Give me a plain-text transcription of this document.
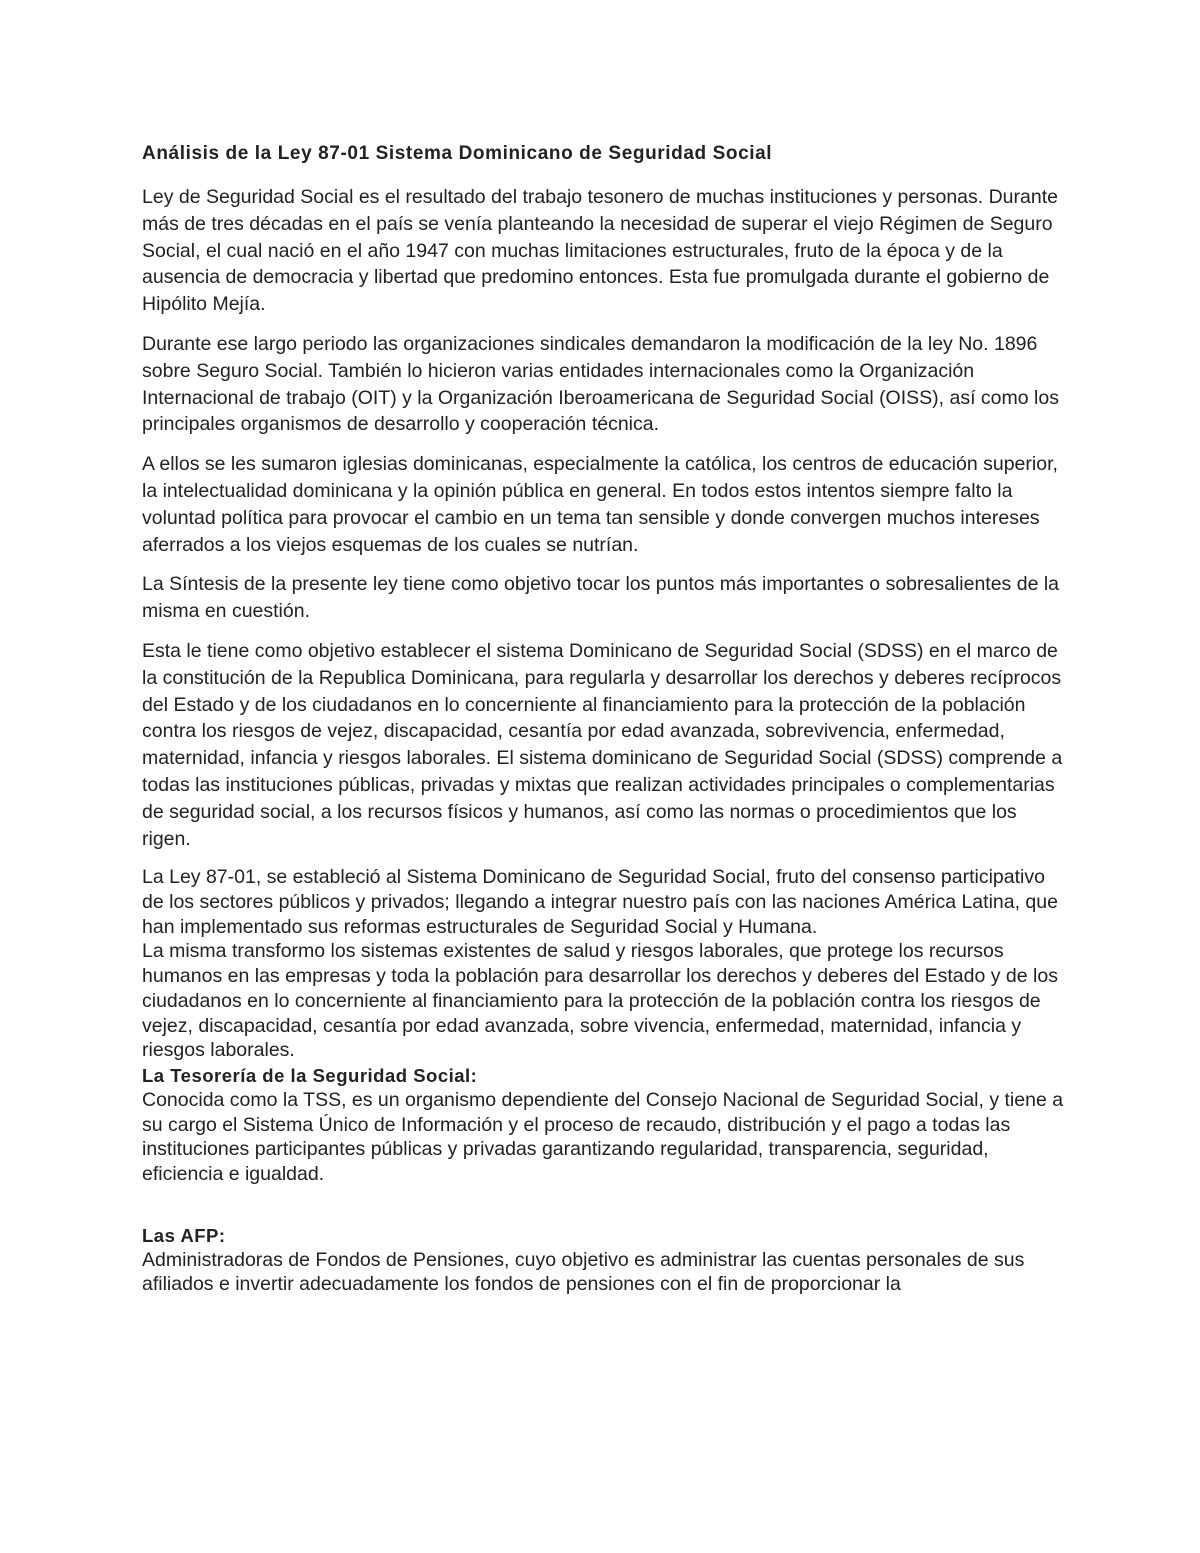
Análisis de la Ley 87-01 Sistema Dominicano de Seguridad Social

Ley de Seguridad Social es el resultado del trabajo tesonero de muchas instituciones y personas. Durante más de tres décadas en el país se venía planteando la necesidad de superar el viejo Régimen de Seguro Social, el cual nació en el año 1947 con muchas limitaciones estructurales, fruto de la época y de la ausencia de democracia y libertad que predomino entonces. Esta fue promulgada durante el gobierno de Hipólito Mejía.

Durante ese largo periodo las organizaciones sindicales demandaron la modificación de la ley No. 1896 sobre Seguro Social. También lo hicieron varias entidades internacionales como la Organización Internacional de trabajo (OIT) y la Organización Iberoamericana de Seguridad Social (OISS), así como los principales organismos de desarrollo y cooperación técnica.

A ellos se les sumaron iglesias dominicanas, especialmente la católica, los centros de educación superior, la intelectualidad dominicana y la opinión pública en general. En todos estos intentos siempre falto la voluntad política para provocar el cambio en un tema tan sensible y donde convergen muchos intereses aferrados a los viejos esquemas de los cuales se nutrían.

La Síntesis de la presente ley tiene como objetivo tocar los puntos más importantes o sobresalientes de la misma en cuestión.

Esta le tiene como objetivo establecer el sistema Dominicano de Seguridad Social (SDSS) en el marco de la constitución de la Republica Dominicana, para regularla y desarrollar los derechos y deberes recíprocos del Estado y de los ciudadanos en lo concerniente al financiamiento para la protección de la población contra los riesgos de vejez, discapacidad, cesantía por edad avanzada, sobrevivencia, enfermedad, maternidad, infancia y riesgos laborales. El sistema dominicano de Seguridad Social (SDSS) comprende a todas las instituciones públicas, privadas y mixtas que realizan actividades principales o complementarias de seguridad social, a los recursos físicos y humanos, así como las normas o procedimientos que los rigen.

La Ley 87-01, se estableció al Sistema Dominicano de Seguridad Social, fruto del consenso participativo de los sectores públicos y privados; llegando a integrar nuestro país con las naciones América Latina, que han implementado sus reformas estructurales de Seguridad Social y Humana.

La misma transformo los sistemas existentes de salud y riesgos laborales, que protege los recursos humanos en las empresas y toda la población para desarrollar los derechos y deberes del Estado y de los ciudadanos en lo concerniente al financiamiento para la protección de la población contra los riesgos de vejez, discapacidad, cesantía por edad avanzada, sobre vivencia, enfermedad, maternidad, infancia y riesgos laborales.

La Tesorería de la Seguridad Social:

Conocida como la TSS, es un organismo dependiente del Consejo Nacional de Seguridad Social, y tiene a su cargo el Sistema Único de Información y el proceso de recaudo, distribución y el pago a todas las instituciones participantes públicas y privadas garantizando regularidad, transparencia, seguridad, eficiencia e igualdad.

Las AFP:

Administradoras de Fondos de Pensiones, cuyo objetivo es administrar las cuentas personales de sus afiliados e invertir adecuadamente los fondos de pensiones con el fin de proporcionar la
